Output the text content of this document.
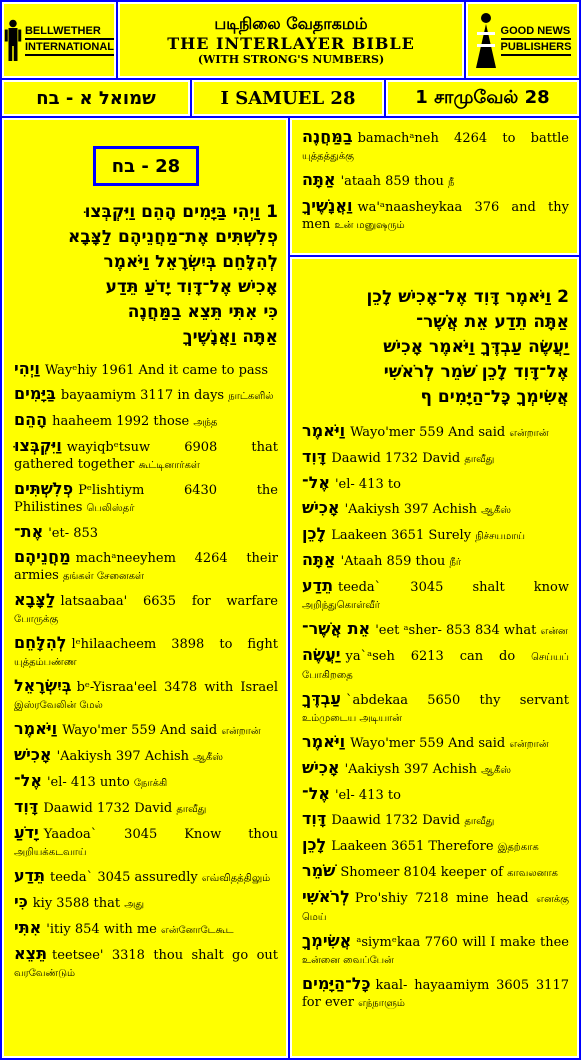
BELLWETHER
INTERNATIONAL
படிநிலை வேதாகமம்
THE INTERLAYER BIBLE
(WITH STRONG'S NUMBERS)
GOOD NEWS
PUBLISHERS
שמואל א - בח	I SAMUEL 28	1 சாமுவேல் 28
28 - בח
1 וַיְהִי בַּיָּמִים הָהֵם וַיִּקְבְּצוּ
פְלִשְׁתִּים אֶת־מַחֲנֵיהֶם לַצָּבָא
לְהִלָּחֵם בְּיִשְׂרָאֵל וַיֹּאמֶר
אָכִישׁ אֶל־דָּוִד יָדֹעַ תֵּדַע
כִּי אִתִּי תֵּצֵא בַמַּחֲנֶה
אַתָּה וַאֲנָשֶׁיךָ
וַיְהִי Wayᵉhiy 1961 And it came to pass
בַּיָּמִים bayaamiym 3117 in days நாட்களில்
הָהֵם haaheem 1992 those அந்த
וַיִּקְבְּצוּ wayiqbᵉtsuw 6908 that gathered together கூட்டினார்கள்
פְלִשְׁתִּים Pᵉlishtiym 6430 the Philistines பெலிஸ்தர்
אֶת־ 'et- 853
מַחֲנֵיהֶם machᵃneeyhem 4264 their armies தங்கள் சேனைகள்
לַצָּבָא latsaabaa' 6635 for warfare போருக்கு
לְהִלָּחֵם lᵉhilaacheem 3898 to fight யுத்தம்பண்ண
בְּיִשְׂרָאֵל bᵉ-Yisraa'eel 3478 with Israel இஸ்ரவேலின் மேல்
וַיֹּאמֶר Wayo'mer 559 And said என்றான்
אָכִישׁ 'Aakiysh 397 Achish ஆகீஸ்
אֶל־ 'el- 413 unto நோக்கி
דָּוִד Daawid 1732 David தாவீது
יָדֹעַ Yaadoa` 3045 Know thou அறியக்கடவாய்
תֵּדַע teeda` 3045 assuredly எவ்விதத்திலும்
כִּי kiy 3588 that அது
אִתִּי 'itiy 854 with me என்னோடேகூட
תֵּצֵא teetsee' 3318 thou shalt go out வரவேண்டும்
בַמַּחֲנֶה bamachᵃneh 4264 to battle யுத்தத்துக்கு
אַתָּה 'ataah 859 thou நீ
וַאֲנָשֶׁיךָ wa'ᵃnaasheykaa 376 and thy men உன் மனுஷரும்
2 וַיֹּאמֶר דָּוִד אֶל־אָכִישׁ לָכֵן
אַתָּה תֵדַע אֵת אֲשֶׁר־
יַעֲשֶׂה עַבְדֶּךָ וַיֹּאמֶר אָכִישׁ
אֶל־דָּוִד לָכֵן שֹׁמֵר לְרֹאשִׁי
אֲשִׂימְךָ כָּל־הַיָּמִים ף
וַיֹּאמֶר Wayo'mer 559 And said என்றான்
דָּוִד Daawid 1732 David தாவீது
אֶל־ 'el- 413 to
אָכִישׁ 'Aakiysh 397 Achish ஆகீஸ்
לָכֵן Laakeen 3651 Surely நிச்சயமாய்
אַתָּה 'Ataah 859 thou நீர்
תֵדַע teeda` 3045 shalt know அறிந்துகொள்வீர்
אֵת אֲשֶׁר־ 'eet ᵃsher- 853 834 what என்ன
יַעֲשֶׂה ya`ᵃseh 6213 can do செய்யப் போகிறதை
עַבְדֶּךָ `abdekaa 5650 thy servant உம்முடைய அடியான்
וַיֹּאמֶר Wayo'mer 559 And said என்றான்
אָכִישׁ 'Aakiysh 397 Achish ஆகீஸ்
אֶל־ 'el- 413 to
דָּוִד Daawid 1732 David தாவீது
לָכֵן Laakeen 3651 Therefore இதற்காக
שֹׁמֵר Shomeer 8104 keeper of காவலனாக
לְרֹאשִׁי Pro'shiy 7218 mine head எனக்கு மெய்
אֲשִׂימְךָ ᵃsiymᵉkaa 7760 will I make thee உன்னை வைப்பேன்
כָּל־הַיָּמִים kaal- hayaamiym 3605 3117 for ever எந்நாளும்
